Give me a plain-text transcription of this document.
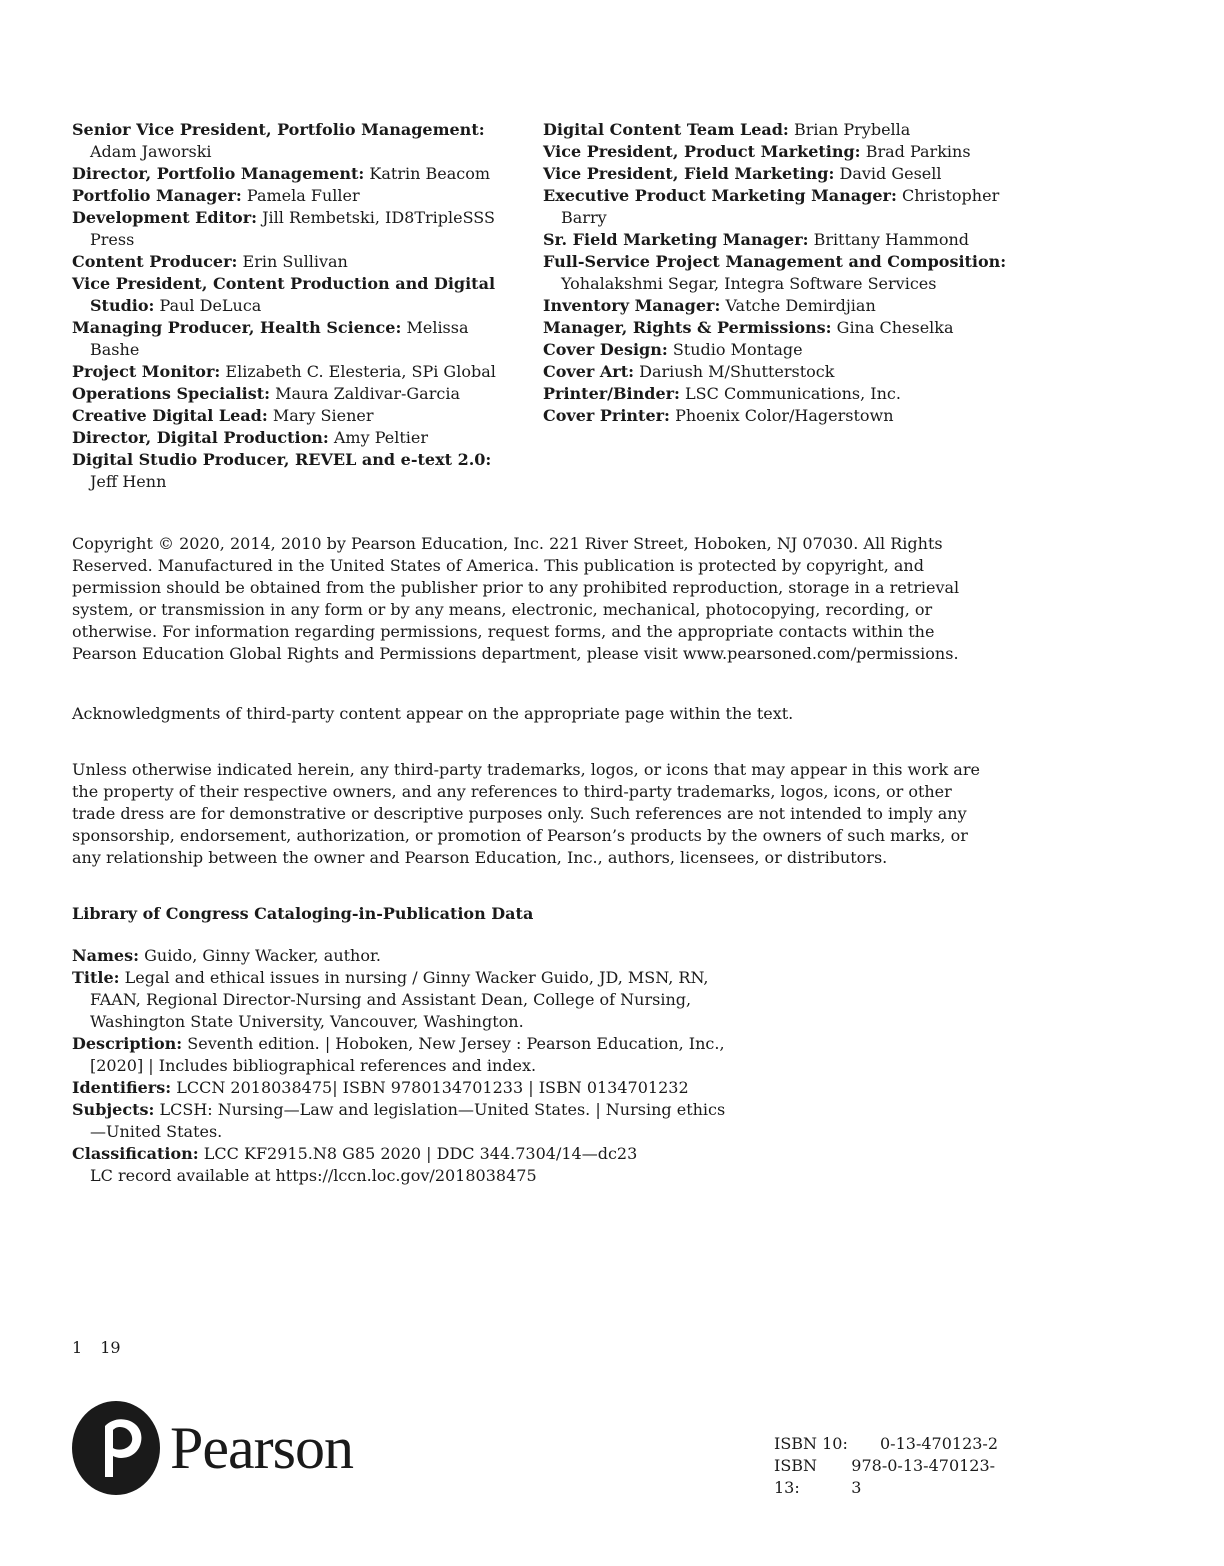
Senior Vice President, Portfolio Management: Adam Jaworski

Director, Portfolio Management: Katrin Beacom

Portfolio Manager: Pamela Fuller

Development Editor: Jill Rembetski, ID8TripleSSS Press

Content Producer: Erin Sullivan

Vice President, Content Production and Digital Studio: Paul DeLuca

Managing Producer, Health Science: Melissa Bashe

Project Monitor: Elizabeth C. Elesteria, SPi Global

Operations Specialist: Maura Zaldivar-Garcia

Creative Digital Lead: Mary Siener

Director, Digital Production: Amy Peltier

Digital Studio Producer, REVEL and e-text 2.0: Jeff Henn

Digital Content Team Lead: Brian Prybella

Vice President, Product Marketing: Brad Parkins

Vice President, Field Marketing: David Gesell

Executive Product Marketing Manager: Christopher Barry

Sr. Field Marketing Manager: Brittany Hammond

Full-Service Project Management and Composition: Yohalakshmi Segar, Integra Software Services

Inventory Manager: Vatche Demirdjian

Manager, Rights & Permissions: Gina Cheselka

Cover Design: Studio Montage

Cover Art: Dariush M/Shutterstock

Printer/Binder: LSC Communications, Inc.

Cover Printer: Phoenix Color/Hagerstown

Copyright © 2020, 2014, 2010 by Pearson Education, Inc. 221 River Street, Hoboken, NJ 07030. All Rights Reserved. Manufactured in the United States of America. This publication is protected by copyright, and permission should be obtained from the publisher prior to any prohibited reproduction, storage in a retrieval system, or transmission in any form or by any means, electronic, mechanical, photocopying, recording, or otherwise. For information regarding permissions, request forms, and the appropriate contacts within the Pearson Education Global Rights and Permissions department, please visit www.pearsoned.com/permissions.

Acknowledgments of third-party content appear on the appropriate page within the text.

Unless otherwise indicated herein, any third-party trademarks, logos, or icons that may appear in this work are the property of their respective owners, and any references to third-party trademarks, logos, icons, or other trade dress are for demonstrative or descriptive purposes only. Such references are not intended to imply any sponsorship, endorsement, authorization, or promotion of Pearson’s products by the owners of such marks, or any relationship between the owner and Pearson Education, Inc., authors, licensees, or distributors.

Library of Congress Cataloging-in-Publication Data

Names: Guido, Ginny Wacker, author.

Title: Legal and ethical issues in nursing / Ginny Wacker Guido, JD, MSN, RN, FAAN, Regional Director-Nursing and Assistant Dean, College of Nursing, Washington State University, Vancouver, Washington.

Description: Seventh edition. | Hoboken, New Jersey : Pearson Education, Inc., [2020] | Includes bibliographical references and index.

Identifiers: LCCN 2018038475| ISBN 9780134701233 | ISBN 0134701232

Subjects: LCSH: Nursing—Law and legislation—United States. | Nursing ethics—United States.

Classification: LCC KF2915.N8 G85 2020 | DDC 344.7304/14—dc23

LC record available at https://lccn.loc.gov/2018038475

1 19
Pearson	ISBN 10:	0-13-470123-2
ISBN 13:
978-0-13-470123-3
